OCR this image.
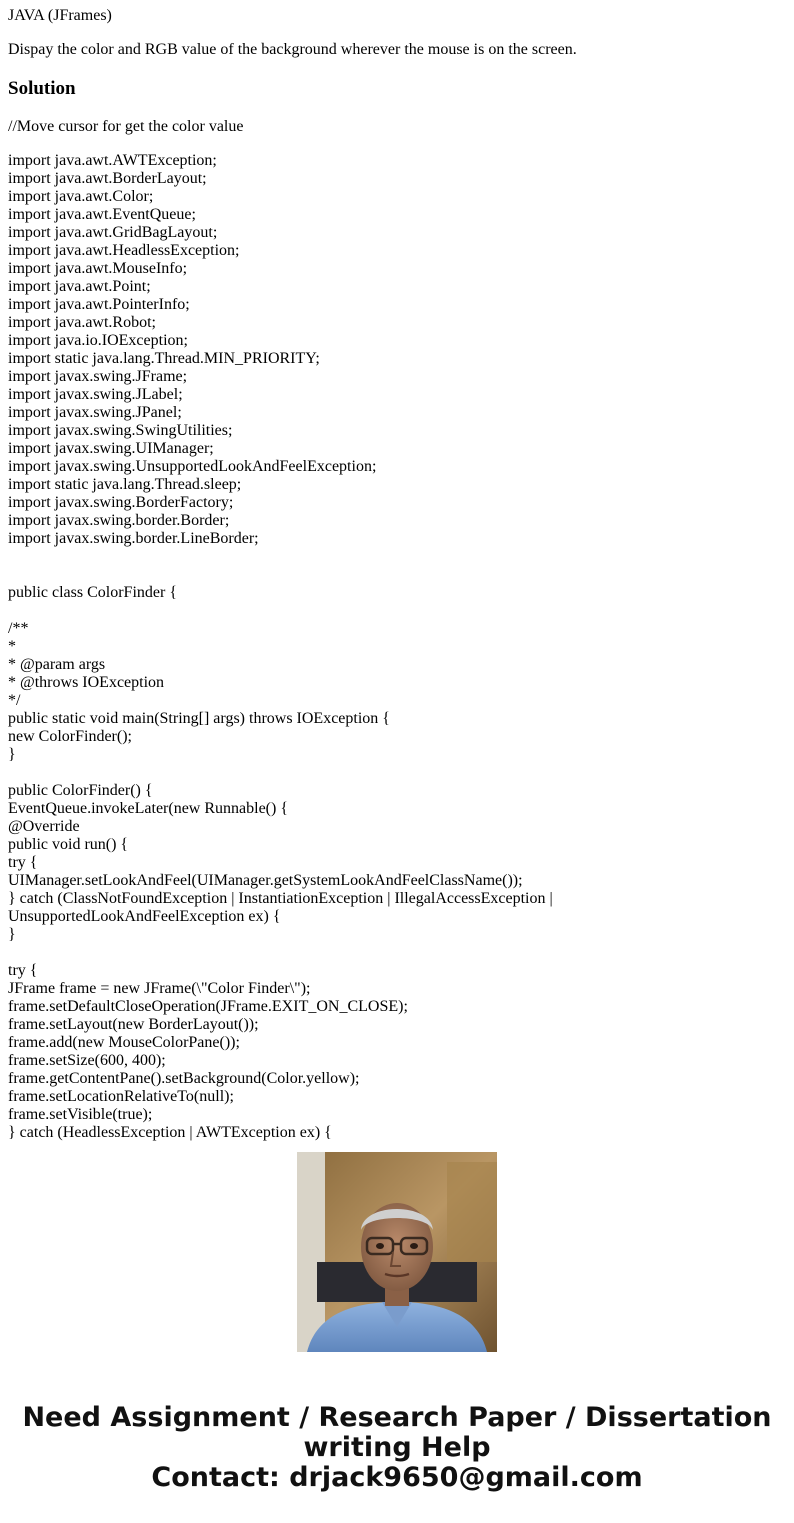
JAVA (JFrames)
Dispay the color and RGB value of the background wherever the mouse is on the screen.
Solution
//Move cursor for get the color value
import java.awt.AWTException;
import java.awt.BorderLayout;
import java.awt.Color;
import java.awt.EventQueue;
import java.awt.GridBagLayout;
import java.awt.HeadlessException;
import java.awt.MouseInfo;
import java.awt.Point;
import java.awt.PointerInfo;
import java.awt.Robot;
import java.io.IOException;
import static java.lang.Thread.MIN_PRIORITY;
import javax.swing.JFrame;
import javax.swing.JLabel;
import javax.swing.JPanel;
import javax.swing.SwingUtilities;
import javax.swing.UIManager;
import javax.swing.UnsupportedLookAndFeelException;
import static java.lang.Thread.sleep;
import javax.swing.BorderFactory;
import javax.swing.border.Border;
import javax.swing.border.LineBorder;
public class ColorFinder {
/**
*
* @param args
* @throws IOException
*/
public static void main(String[] args) throws IOException {
new ColorFinder();
}
public ColorFinder() {
EventQueue.invokeLater(new Runnable() {
@Override
public void run() {
try {
UIManager.setLookAndFeel(UIManager.getSystemLookAndFeelClassName());
} catch (ClassNotFoundException | InstantiationException | IllegalAccessException |
UnsupportedLookAndFeelException ex) {
}
try {
JFrame frame = new JFrame(\"Color Finder\");
frame.setDefaultCloseOperation(JFrame.EXIT_ON_CLOSE);
frame.setLayout(new BorderLayout());
frame.add(new MouseColorPane());
frame.setSize(600, 400);
frame.getContentPane().setBackground(Color.yellow);
frame.setLocationRelativeTo(null);
frame.setVisible(true);
} catch (HeadlessException | AWTException ex) {
Need Assignment / Research Paper / Dissertation
writing Help
Contact: drjack9650@gmail.com
